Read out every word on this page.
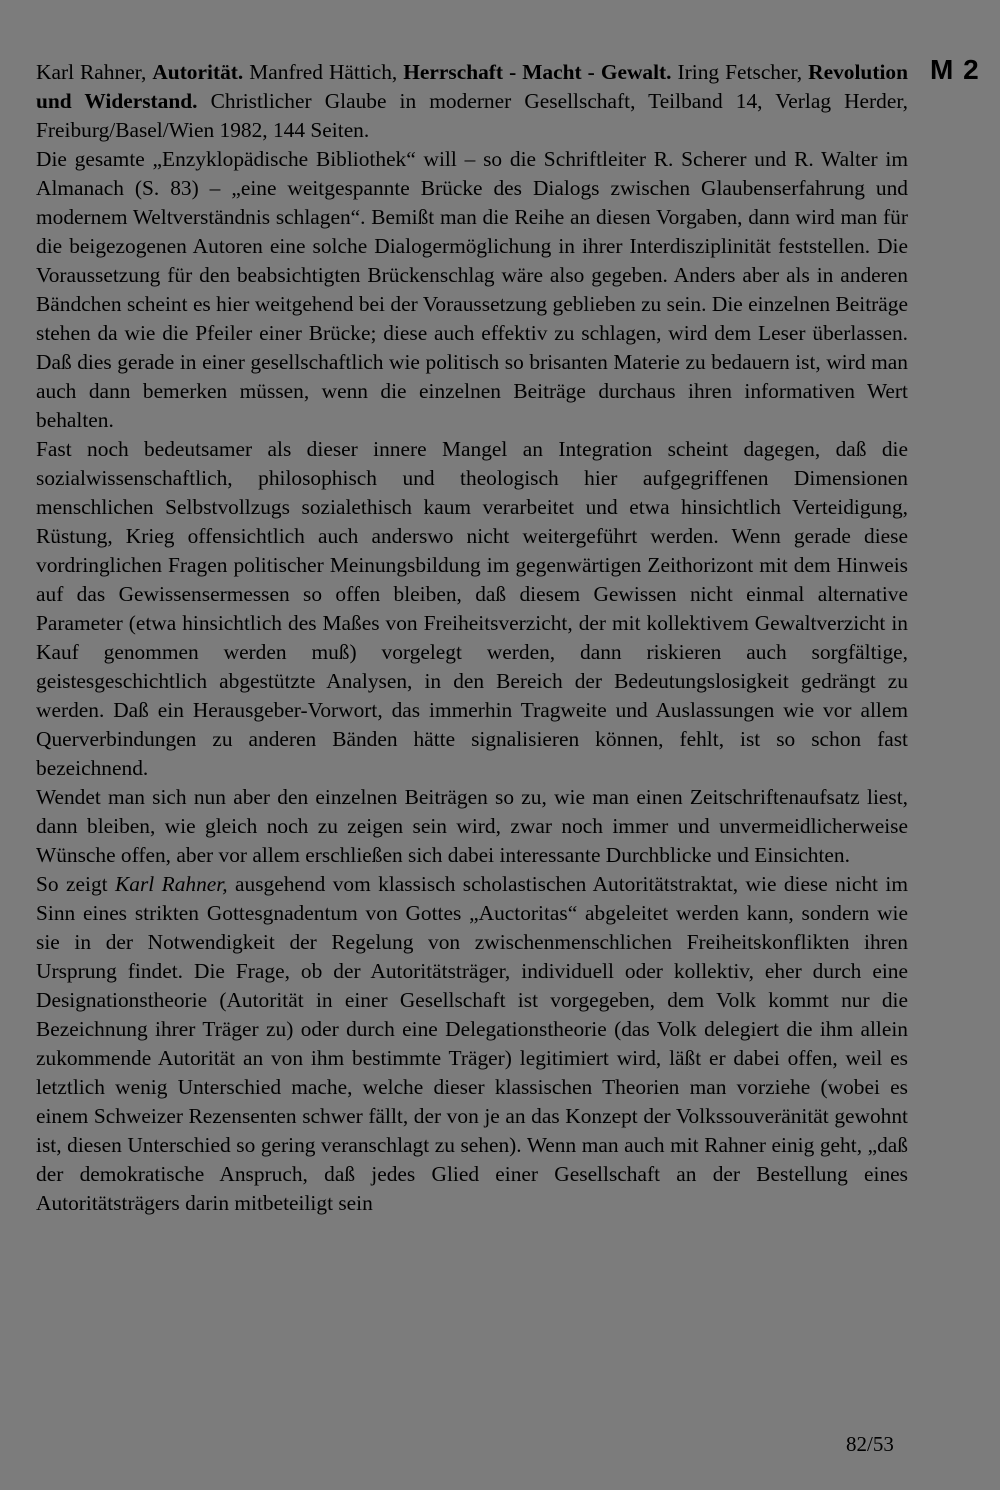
M 2

Karl Rahner, Autorität. Manfred Hättich, Herrschaft - Macht - Gewalt. Iring Fetscher, Revolution und Widerstand. Christlicher Glaube in moderner Gesellschaft, Teilband 14, Verlag Herder, Freiburg/Basel/Wien 1982, 144 Seiten.

Die gesamte „Enzyklopädische Bibliothek“ will – so die Schriftleiter R. Scherer und R. Walter im Almanach (S. 83) – „eine weitgespannte Brücke des Dialogs zwischen Glaubenserfahrung und modernem Weltverständnis schlagen“. Bemißt man die Reihe an diesen Vorgaben, dann wird man für die beigezogenen Autoren eine solche Dialogermöglichung in ihrer Interdisziplinität feststellen. Die Voraussetzung für den beabsichtigten Brückenschlag wäre also gegeben. Anders aber als in anderen Bändchen scheint es hier weitgehend bei der Voraussetzung geblieben zu sein. Die einzelnen Beiträge stehen da wie die Pfeiler einer Brücke; diese auch effektiv zu schlagen, wird dem Leser überlassen. Daß dies gerade in einer gesellschaftlich wie politisch so brisanten Materie zu bedauern ist, wird man auch dann bemerken müssen, wenn die einzelnen Beiträge durchaus ihren informativen Wert behalten.

Fast noch bedeutsamer als dieser innere Mangel an Integration scheint dagegen, daß die sozialwissenschaftlich, philosophisch und theologisch hier aufgegriffenen Dimensionen menschlichen Selbstvollzugs sozialethisch kaum verarbeitet und etwa hinsichtlich Verteidigung, Rüstung, Krieg offensichtlich auch anderswo nicht weitergeführt werden. Wenn gerade diese vordringlichen Fragen politischer Meinungsbildung im gegenwärtigen Zeithorizont mit dem Hinweis auf das Gewissensermessen so offen bleiben, daß diesem Gewissen nicht einmal alternative Parameter (etwa hinsichtlich des Maßes von Freiheitsverzicht, der mit kollektivem Gewaltverzicht in Kauf genommen werden muß) vorgelegt werden, dann riskieren auch sorgfältige, geistesgeschichtlich abgestützte Analysen, in den Bereich der Bedeutungslosigkeit gedrängt zu werden. Daß ein Herausgeber-Vorwort, das immerhin Tragweite und Auslassungen wie vor allem Querverbindungen zu anderen Bänden hätte signalisieren können, fehlt, ist so schon fast bezeichnend.

Wendet man sich nun aber den einzelnen Beiträgen so zu, wie man einen Zeitschriftenaufsatz liest, dann bleiben, wie gleich noch zu zeigen sein wird, zwar noch immer und unvermeidlicherweise Wünsche offen, aber vor allem erschließen sich dabei interessante Durchblicke und Einsichten.

So zeigt Karl Rahner, ausgehend vom klassisch scholastischen Autoritätstraktat, wie diese nicht im Sinn eines strikten Gottesgnadentum von Gottes „Auctoritas“ abgeleitet werden kann, sondern wie sie in der Notwendigkeit der Regelung von zwischenmenschlichen Freiheitskonflikten ihren Ursprung findet. Die Frage, ob der Autoritätsträger, individuell oder kollektiv, eher durch eine Designationstheorie (Autorität in einer Gesellschaft ist vorgegeben, dem Volk kommt nur die Bezeichnung ihrer Träger zu) oder durch eine Delegationstheorie (das Volk delegiert die ihm allein zukommende Autorität an von ihm bestimmte Träger) legitimiert wird, läßt er dabei offen, weil es letztlich wenig Unterschied mache, welche dieser klassischen Theorien man vorziehe (wobei es einem Schweizer Rezensenten schwer fällt, der von je an das Konzept der Volkssouveränität gewohnt ist, diesen Unterschied so gering veranschlagt zu sehen). Wenn man auch mit Rahner einig geht, „daß der demokratische Anspruch, daß jedes Glied einer Gesellschaft an der Bestellung eines Autoritätsträgers darin mitbeteiligt sein

82/53
